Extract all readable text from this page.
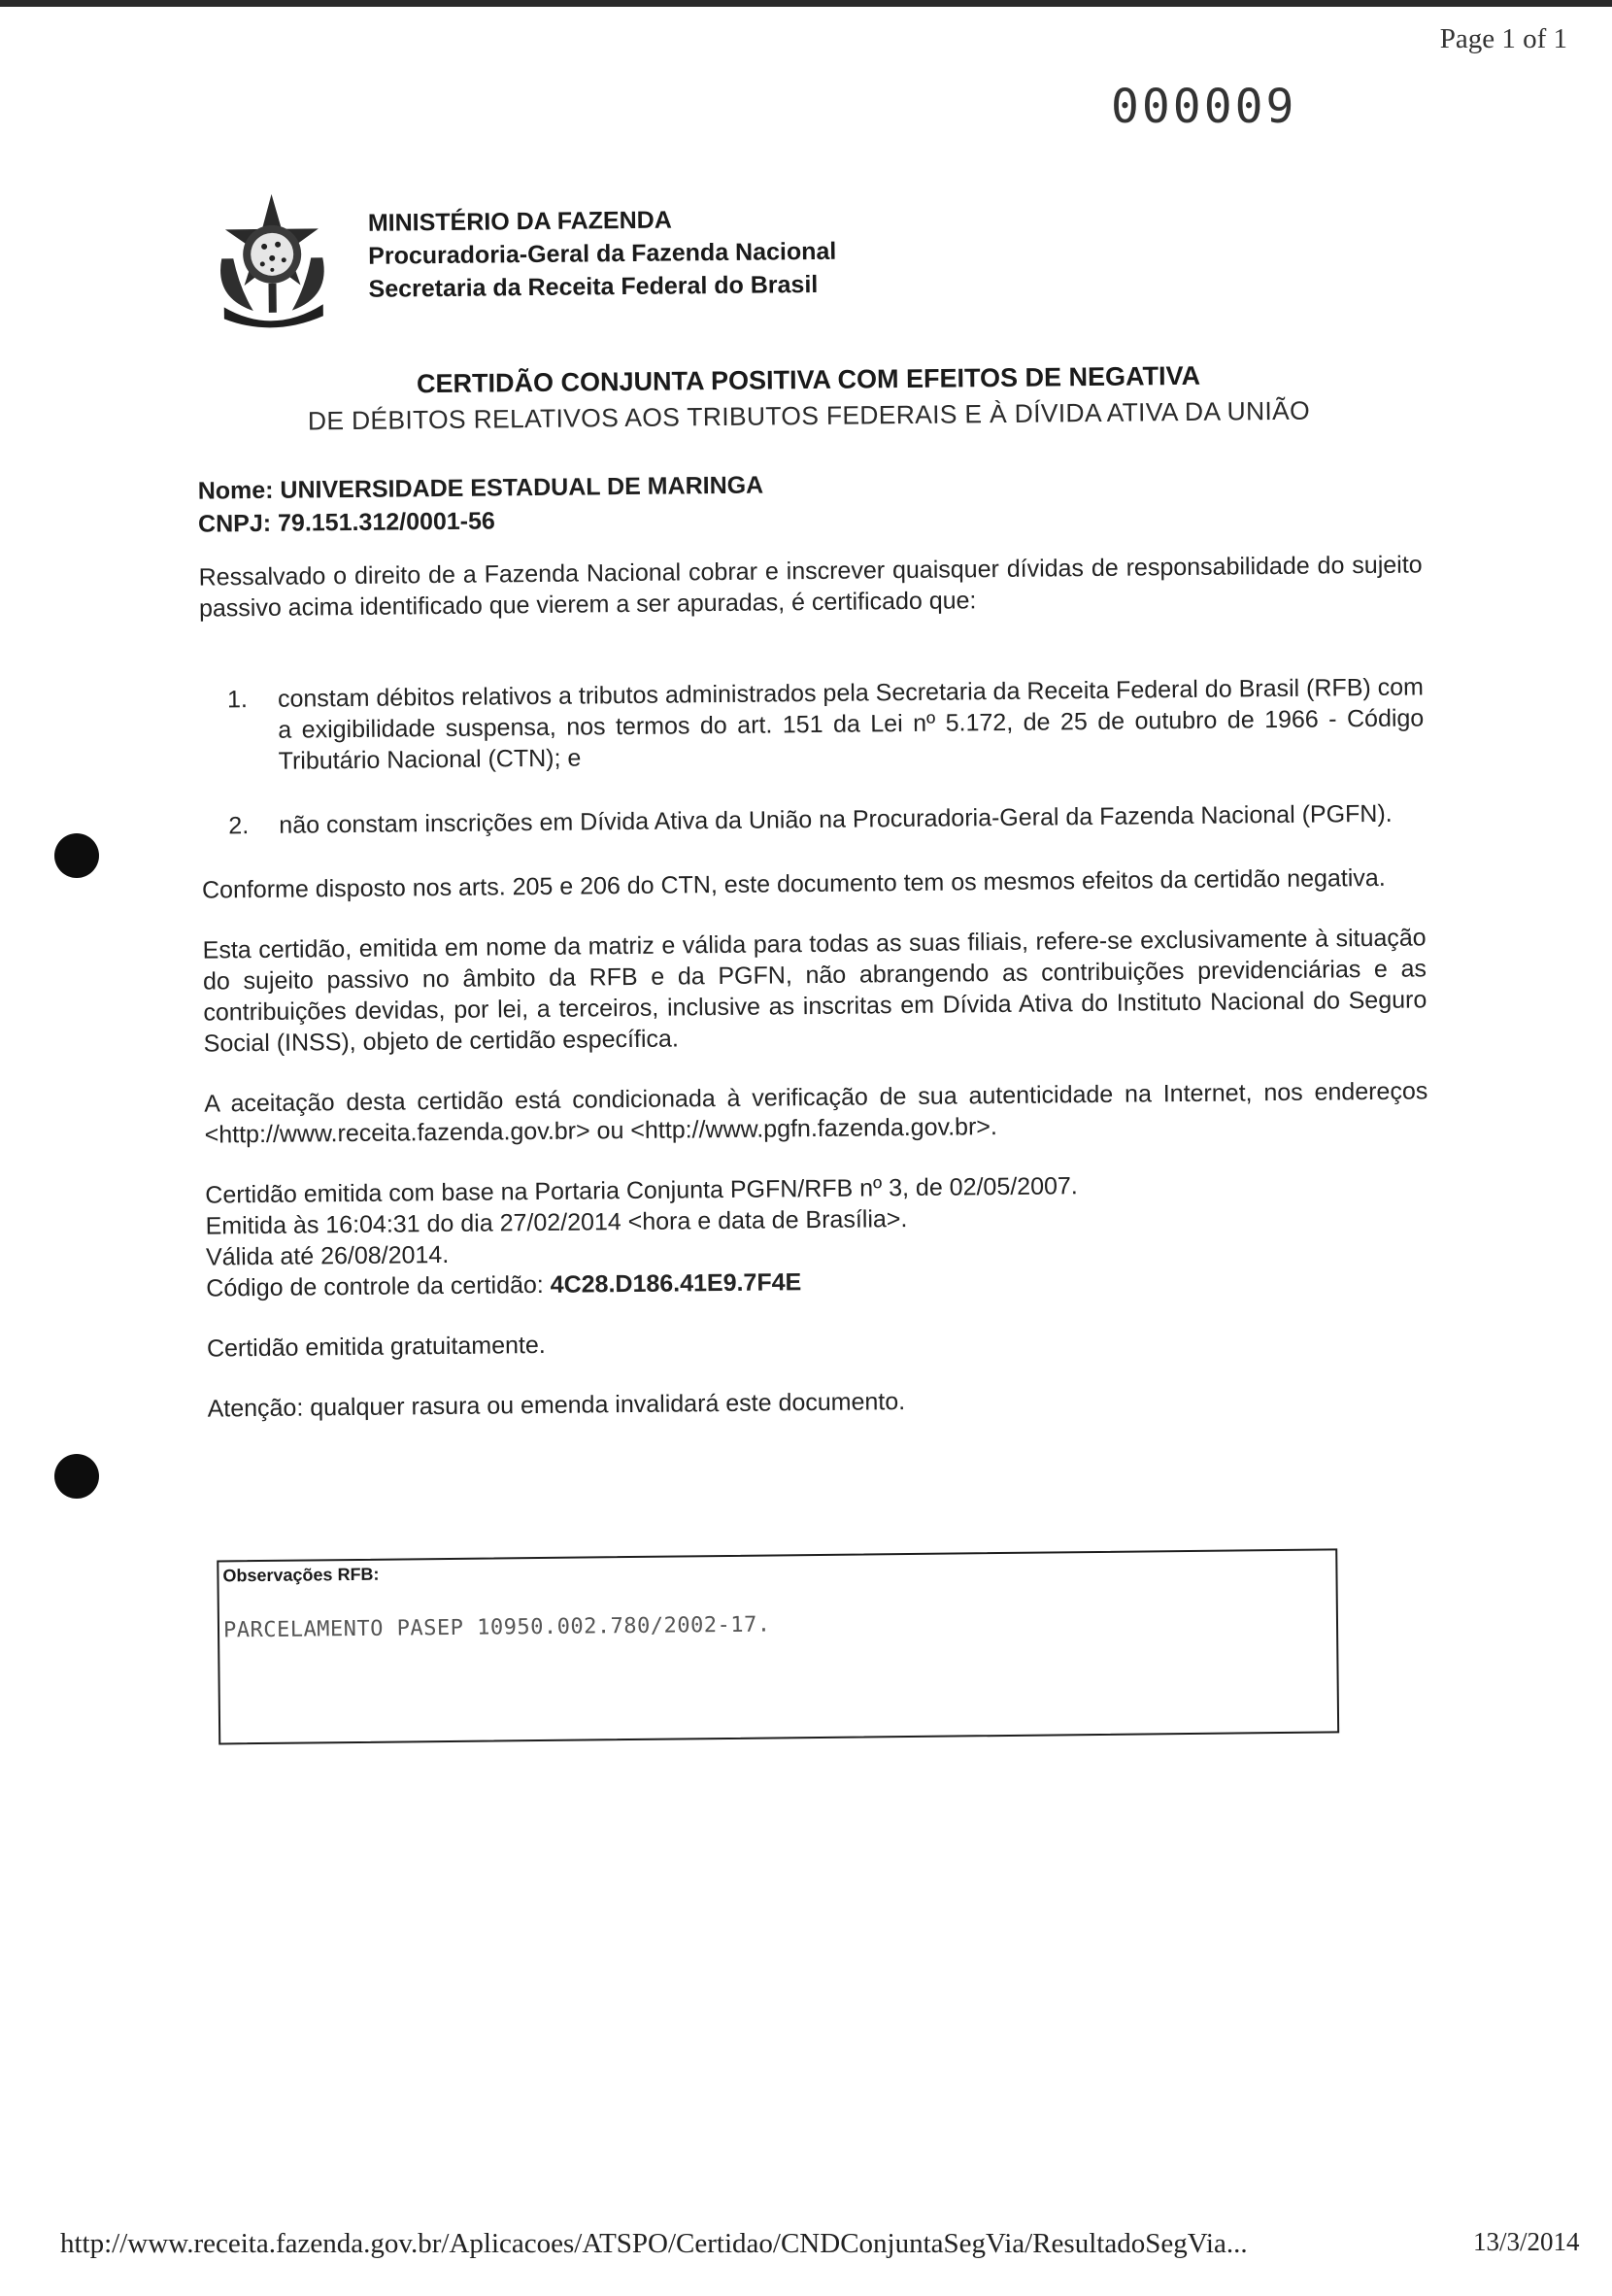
Page 1 of 1
000009
MINISTÉRIO DA FAZENDA
Procuradoria-Geral da Fazenda Nacional
Secretaria da Receita Federal do Brasil
CERTIDÃO CONJUNTA POSITIVA COM EFEITOS DE NEGATIVA
DE DÉBITOS RELATIVOS AOS TRIBUTOS FEDERAIS E À DÍVIDA ATIVA DA UNIÃO
Nome: UNIVERSIDADE ESTADUAL DE MARINGA
CNPJ: 79.151.312/0001-56

Ressalvado o direito de a Fazenda Nacional cobrar e inscrever quaisquer dívidas de responsabilidade do sujeito passivo acima identificado que vierem a ser apuradas, é certificado que:

1.	constam débitos relativos a tributos administrados pela Secretaria da Receita Federal do Brasil (RFB) com a exigibilidade suspensa, nos termos do art. 151 da Lei nº 5.172, de 25 de outubro de 1966 - Código Tributário Nacional (CTN); e
2.	não constam inscrições em Dívida Ativa da União na Procuradoria-Geral da Fazenda Nacional (PGFN).

Conforme disposto nos arts. 205 e 206 do CTN, este documento tem os mesmos efeitos da certidão negativa.

Esta certidão, emitida em nome da matriz e válida para todas as suas filiais, refere-se exclusivamente à situação do sujeito passivo no âmbito da RFB e da PGFN, não abrangendo as contribuições previdenciárias e as contribuições devidas, por lei, a terceiros, inclusive as inscritas em Dívida Ativa do Instituto Nacional do Seguro Social (INSS), objeto de certidão específica.

A aceitação desta certidão está condicionada à verificação de sua autenticidade na Internet, nos endereços <http://www.receita.fazenda.gov.br> ou <http://www.pgfn.fazenda.gov.br>.

Certidão emitida com base na Portaria Conjunta PGFN/RFB nº 3, de 02/05/2007.
Emitida às 16:04:31 do dia 27/02/2014 <hora e data de Brasília>.
Válida até 26/08/2014.
Código de controle da certidão: 4C28.D186.41E9.7F4E

Certidão emitida gratuitamente.

Atenção: qualquer rasura ou emenda invalidará este documento.

Observações RFB:
PARCELAMENTO PASEP 10950.002.780/2002-17.
http://www.receita.fazenda.gov.br/Aplicacoes/ATSPO/Certidao/CNDConjuntaSegVia/ResultadoSegVia...	13/3/2014
